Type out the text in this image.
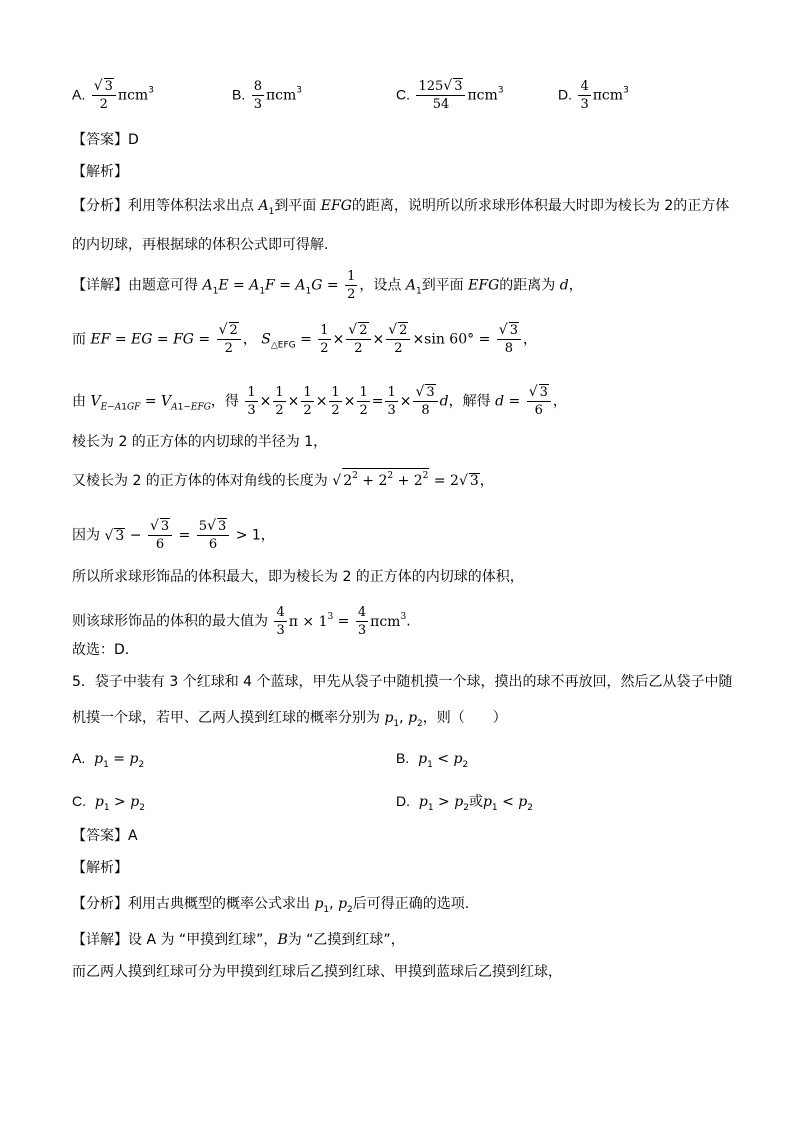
A. $\frac{√ 3}{2} \pi cm^3$	B. $\frac{8}{3} \pi cm^3$	C. $\frac{125√ 3}{54} \pi cm^3$	D. $\frac{4}{3} \pi cm^3$
【答案】D
【解析】
【分析】利用等体积法求出点 $A_1$到平面 EFG的距离，说明所以所求球形体积最大时即为棱长为 2的正方体
的内切球，再根据球的体积公式即可得解.
【详解】由题意可得 $A_1E = A_1F = A_1G = \frac{1}{2}$ ，设点 $A_1$到平面 EFG的距离为 d，
而 EF = EG = FG = $\frac{√ 2}{2}$ ， $S_{\triangle EFG} = \frac{1}{2} \times \frac{√ 2}{2} \times \frac{√ 2}{2} \times\sin$ $60^\circ = \frac{√ 3}{8}$ ，
由 $V_{E-A1GF} = V_{A1-EFG}$，得 $\frac{1}{3} \times \frac{1}{2} \times \frac{1}{2} \times \frac{1}{2} \times \frac{1}{2} = \frac{1}{3} \times \frac{√ 3}{8}$ d，解得 $d = \frac{√ 3}{6}$ ，
棱长为 2 的正方体的内切球的半径为 1，
又棱长为 2 的正方体的体对角线的长度为 √ $2^2 + 2^2 + 2^2 = 2√$ 3，
因为 √ $3 - \frac{√ 3}{6} = \frac{5√ 3}{6} > 1$，
所以所求球形饰品的体积最大，即为棱长为 2 的正方体的内切球的体积，
则该球形饰品的体积的最大值为 $\frac{4}{3}$ $\pi \times 1^3 = \frac{4}{3} \pi cm^3$.
故选：D.
5．袋子中装有 3 个红球和 4 个蓝球，甲先从袋子中随机摸一个球，摸出的球不再放回，然后乙从袋子中随
机摸一个球，若甲、乙两人摸到红球的概率分别为 $p_1$, $p_2$，则（　　）
A. $p_1 = p_2$	B. $p_1 < p_2$
C. $p_1 > p_2$	D. $p_1 > p_2$或$p_1 < p_2$
【答案】A
【解析】
【分析】利用古典概型的概率公式求出 $p_1$, $p_2$后可得正确的选项.
【详解】设 A 为 “甲摸到红球”，B为 “乙摸到红球”，
而乙两人摸到红球可分为甲摸到红球后乙摸到红球、甲摸到蓝球后乙摸到红球，
